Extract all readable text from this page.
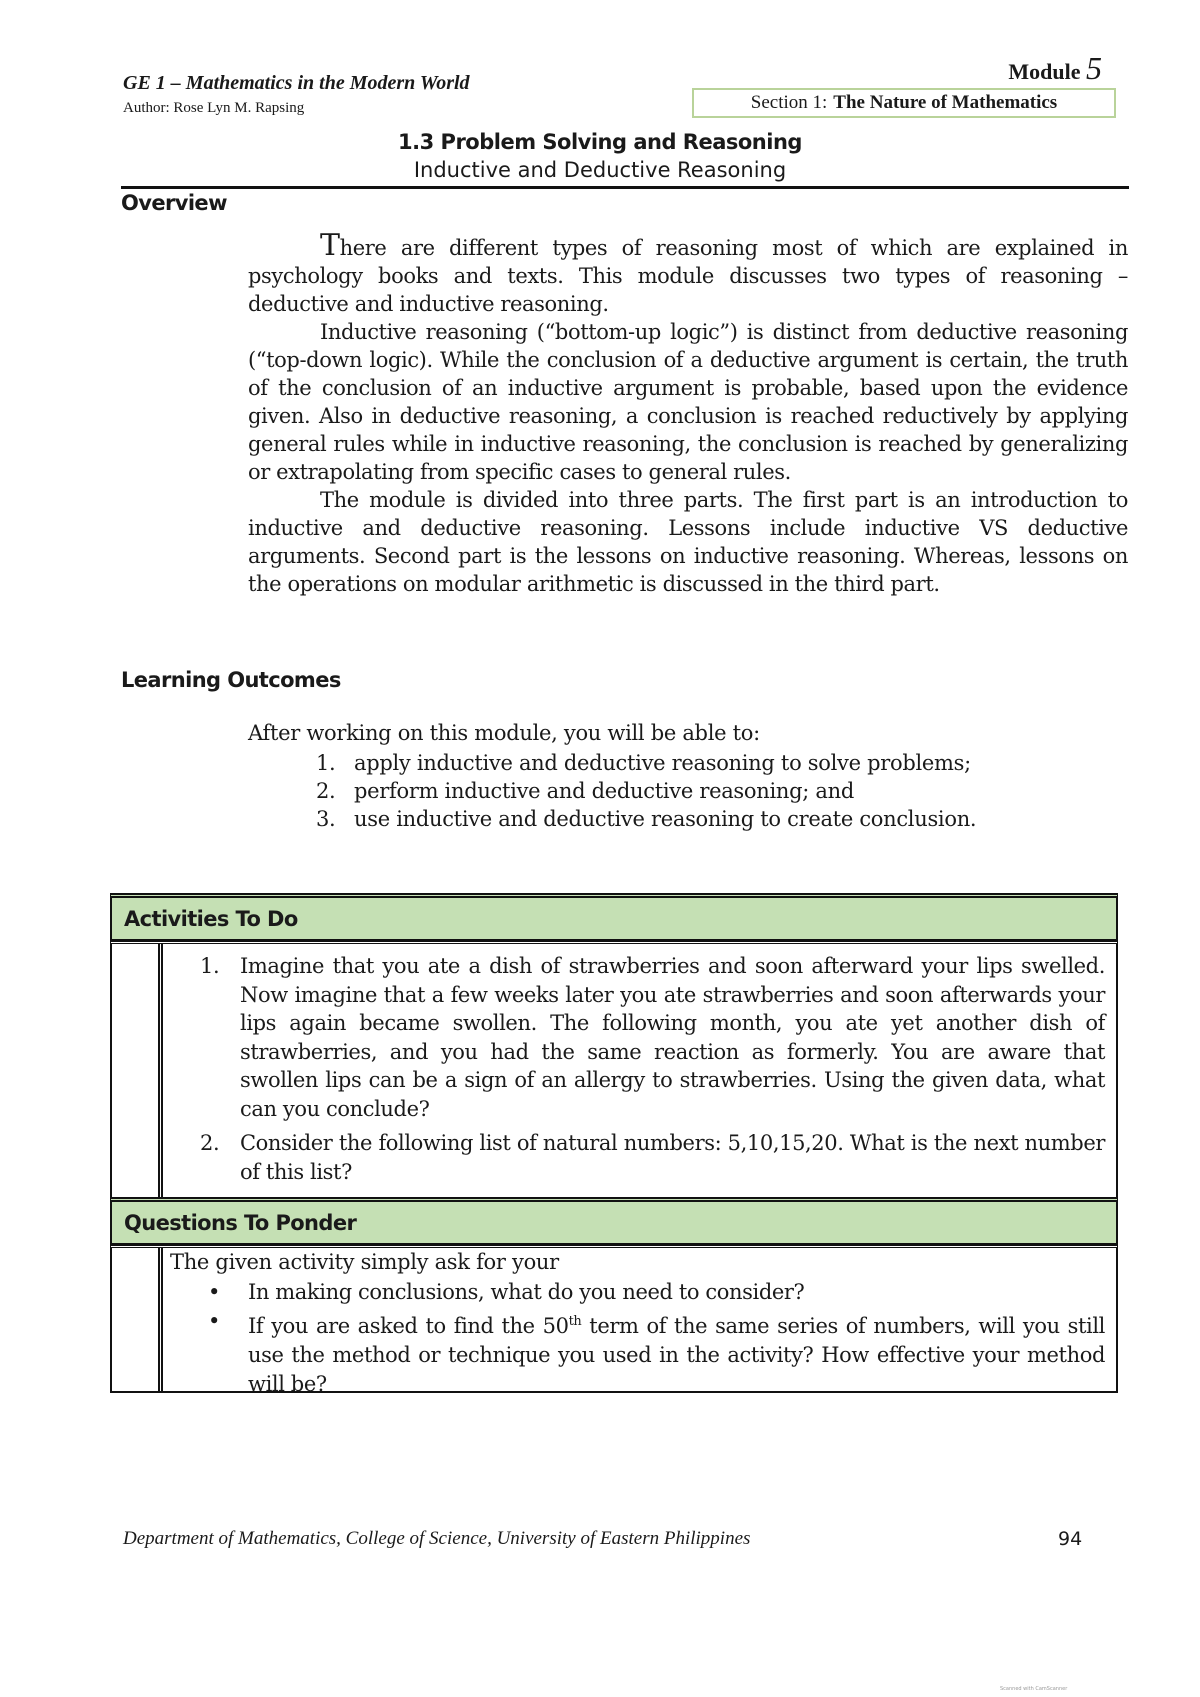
GE 1 – Mathematics in the Modern World
Author: Rose Lyn M. Rapsing
Module 5
Section 1: The Nature of Mathematics
1.3 Problem Solving and Reasoning
Inductive and Deductive Reasoning
Overview

There are different types of reasoning most of which are explained in psychology books and texts. This module discusses two types of reasoning – deductive and inductive reasoning.

Inductive reasoning (“bottom-up logic”) is distinct from deductive reasoning (“top-down logic). While the conclusion of a deductive argument is certain, the truth of the conclusion of an inductive argument is probable, based upon the evidence given. Also in deductive reasoning, a conclusion is reached reductively by applying general rules while in inductive reasoning, the conclusion is reached by generalizing or extrapolating from specific cases to general rules.

The module is divided into three parts. The first part is an introduction to inductive and deductive reasoning. Lessons include inductive VS deductive arguments. Second part is the lessons on inductive reasoning. Whereas, lessons on the operations on modular arithmetic is discussed in the third part.

Learning Outcomes
After working on this module, you will be able to:
1. apply inductive and deductive reasoning to solve problems;
2. perform inductive and deductive reasoning; and
3. use inductive and deductive reasoning to create conclusion.
Activities To Do
1. Imagine that you ate a dish of strawberries and soon afterward your lips swelled. Now imagine that a few weeks later you ate strawberries and soon afterwards your lips again became swollen. The following month, you ate yet another dish of strawberries, and you had the same reaction as formerly. You are aware that swollen lips can be a sign of an allergy to strawberries. Using the given data, what can you conclude?
2. Consider the following list of natural numbers: 5,10,15,20. What is the next number of this list?
Questions To Ponder
The given activity simply ask for your
•	In making conclusions, what do you need to consider?
•	If you are asked to find the 50th term of the same series of numbers, will you still use the method or technique you used in the activity? How effective your method will be?
Department of Mathematics, College of Science, University of Eastern Philippines	94
Scanned with CamScanner
